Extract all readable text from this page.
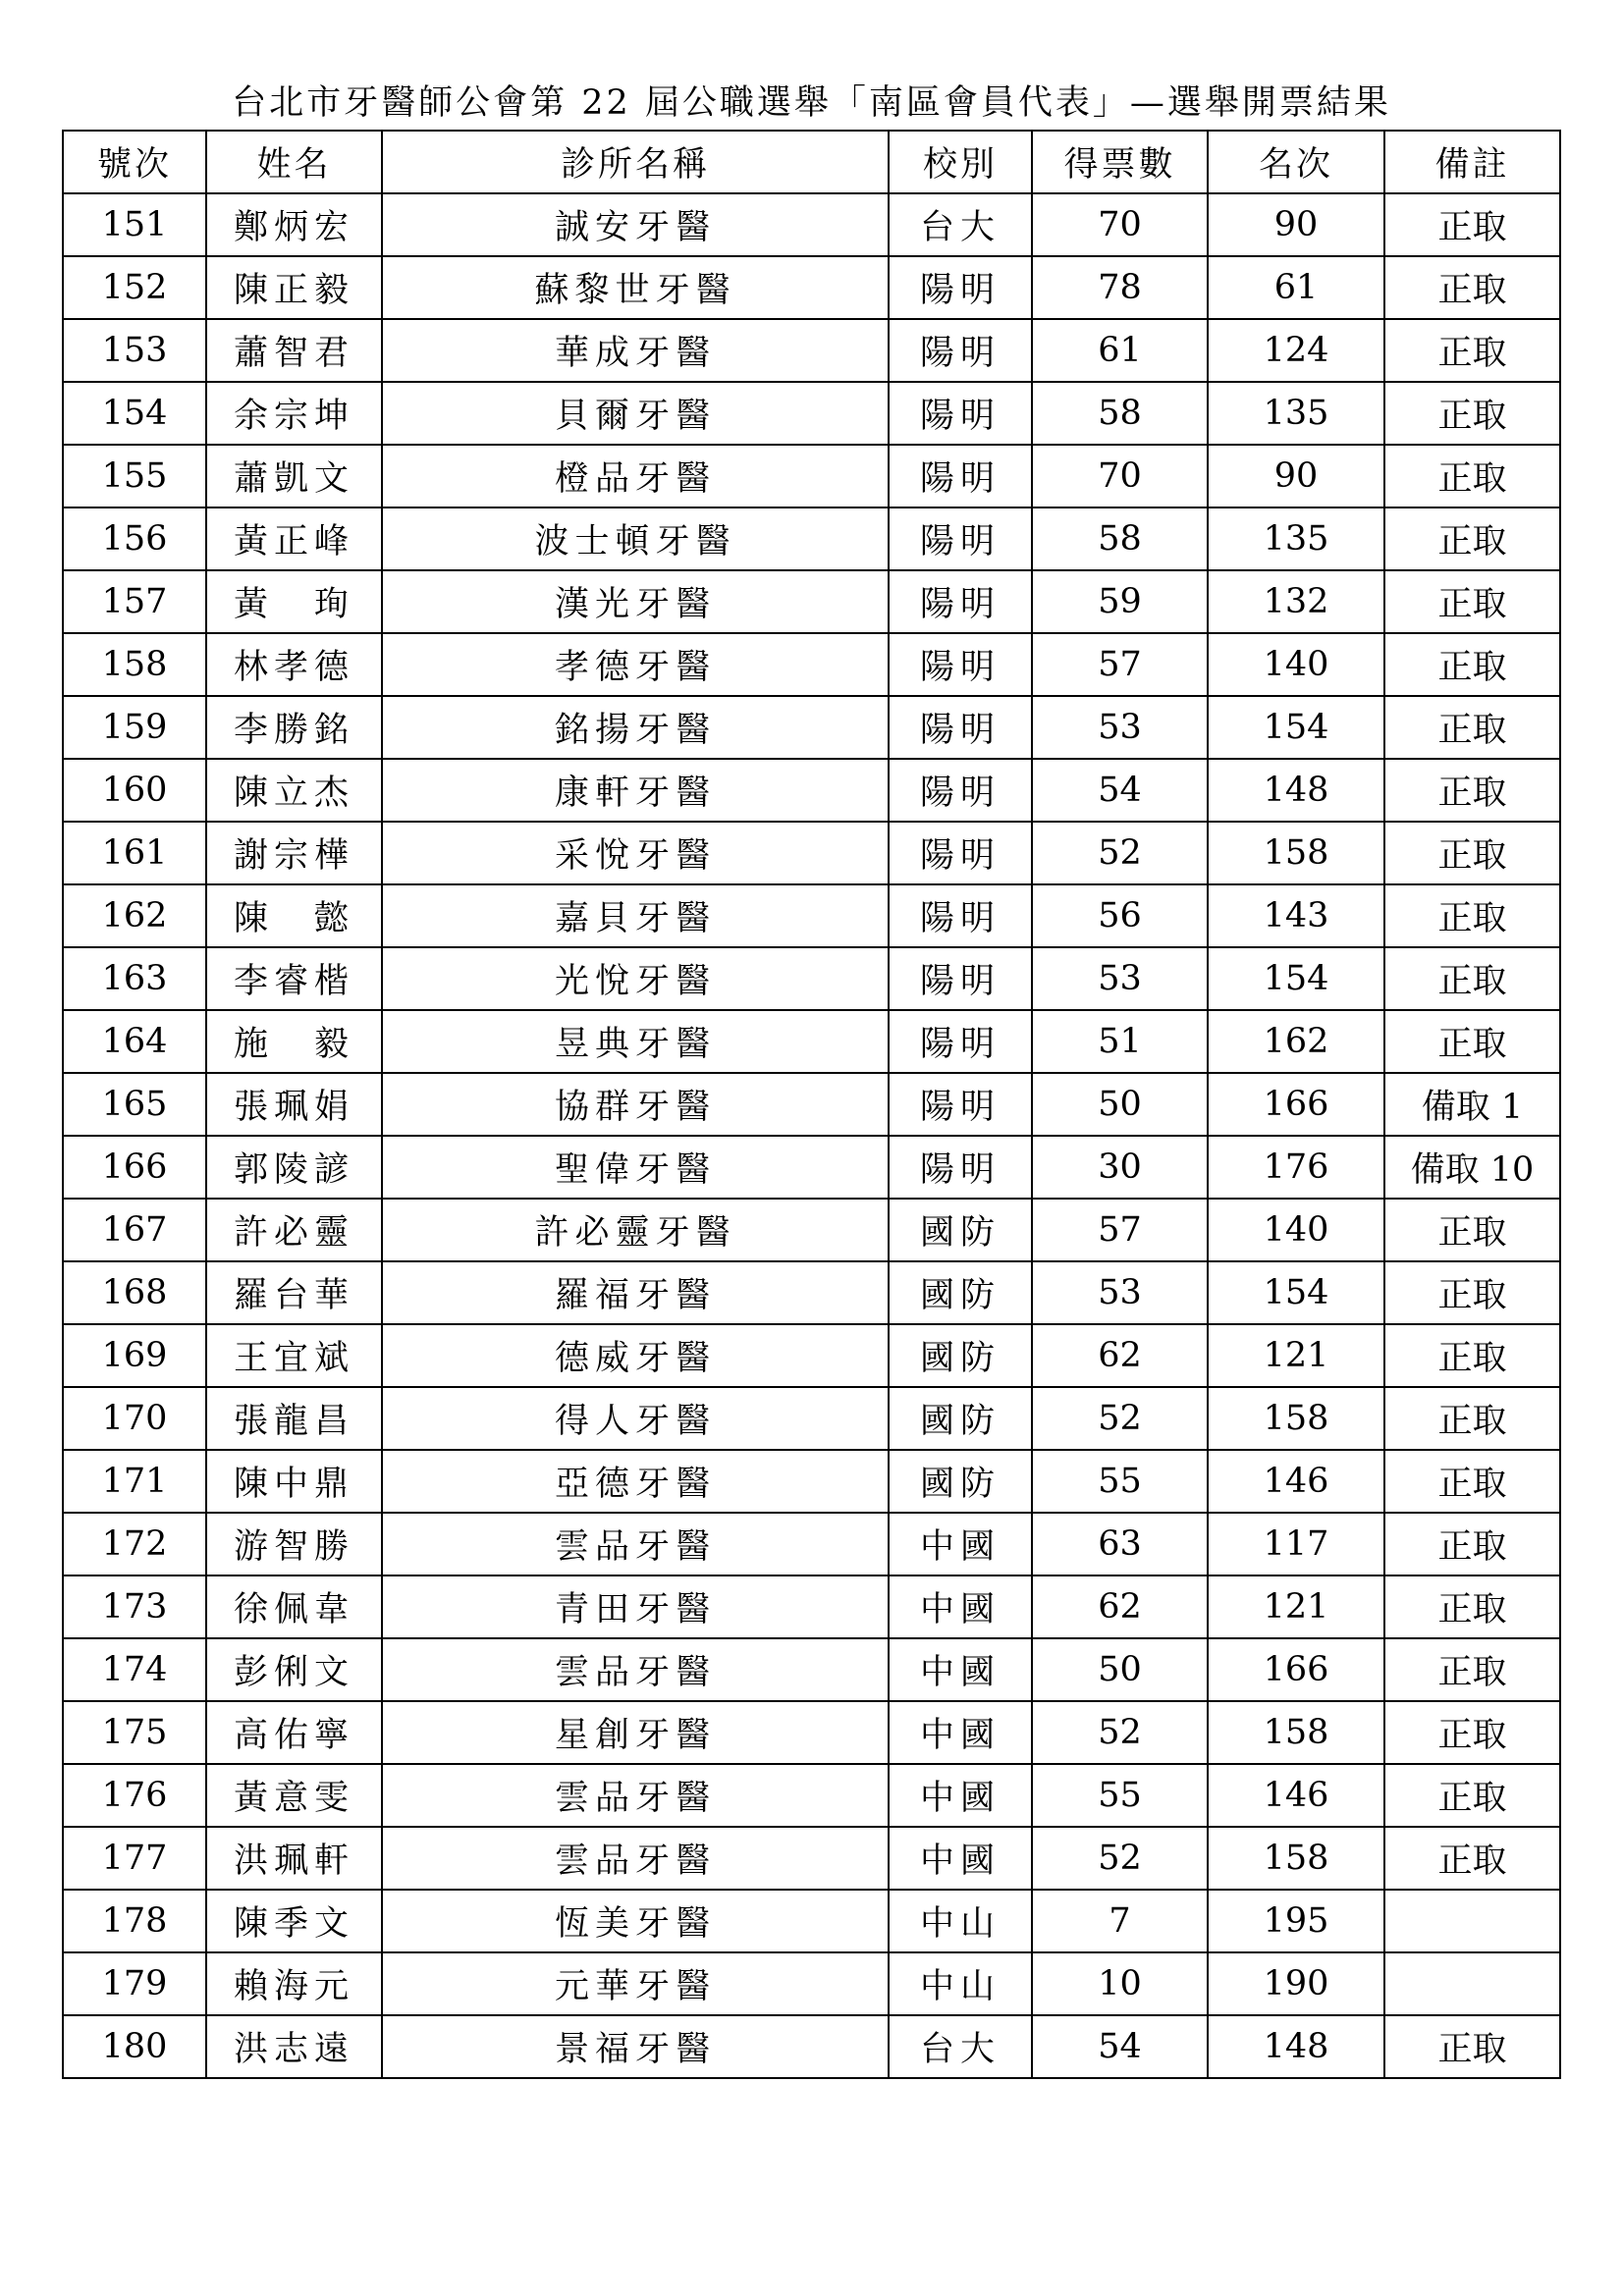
台北市牙醫師公會第 22 屆公職選舉「南區會員代表」—選舉開票結果
號次	姓名	診所名稱	校別	得票數	名次	備註
151	鄭炳宏	誠安牙醫	台大	70	90	正取
152	陳正毅	蘇黎世牙醫	陽明	78	61	正取
153	蕭智君	華成牙醫	陽明	61	124	正取
154	余宗坤	貝爾牙醫	陽明	58	135	正取
155	蕭凱文	橙品牙醫	陽明	70	90	正取
156	黃正峰	波士頓牙醫	陽明	58	135	正取
157	黃　珣	漢光牙醫	陽明	59	132	正取
158	林孝德	孝德牙醫	陽明	57	140	正取
159	李勝銘	銘揚牙醫	陽明	53	154	正取
160	陳立杰	康軒牙醫	陽明	54	148	正取
161	謝宗樺	采悅牙醫	陽明	52	158	正取
162	陳　懿	嘉貝牙醫	陽明	56	143	正取
163	李睿楷	光悅牙醫	陽明	53	154	正取
164	施　毅	昱典牙醫	陽明	51	162	正取
165	張珮娟	協群牙醫	陽明	50	166	備取 1
166	郭陵諺	聖偉牙醫	陽明	30	176	備取 10
167	許必靈	許必靈牙醫	國防	57	140	正取
168	羅台華	羅福牙醫	國防	53	154	正取
169	王宜斌	德威牙醫	國防	62	121	正取
170	張龍昌	得人牙醫	國防	52	158	正取
171	陳中鼎	亞德牙醫	國防	55	146	正取
172	游智勝	雲品牙醫	中國	63	117	正取
173	徐佩韋	青田牙醫	中國	62	121	正取
174	彭俐文	雲品牙醫	中國	50	166	正取
175	高佑寧	星創牙醫	中國	52	158	正取
176	黃意雯	雲品牙醫	中國	55	146	正取
177	洪珮軒	雲品牙醫	中國	52	158	正取
178	陳季文	恆美牙醫	中山	7	195	
179	賴海元	元華牙醫	中山	10	190	
180	洪志遠	景福牙醫	台大	54	148	正取
